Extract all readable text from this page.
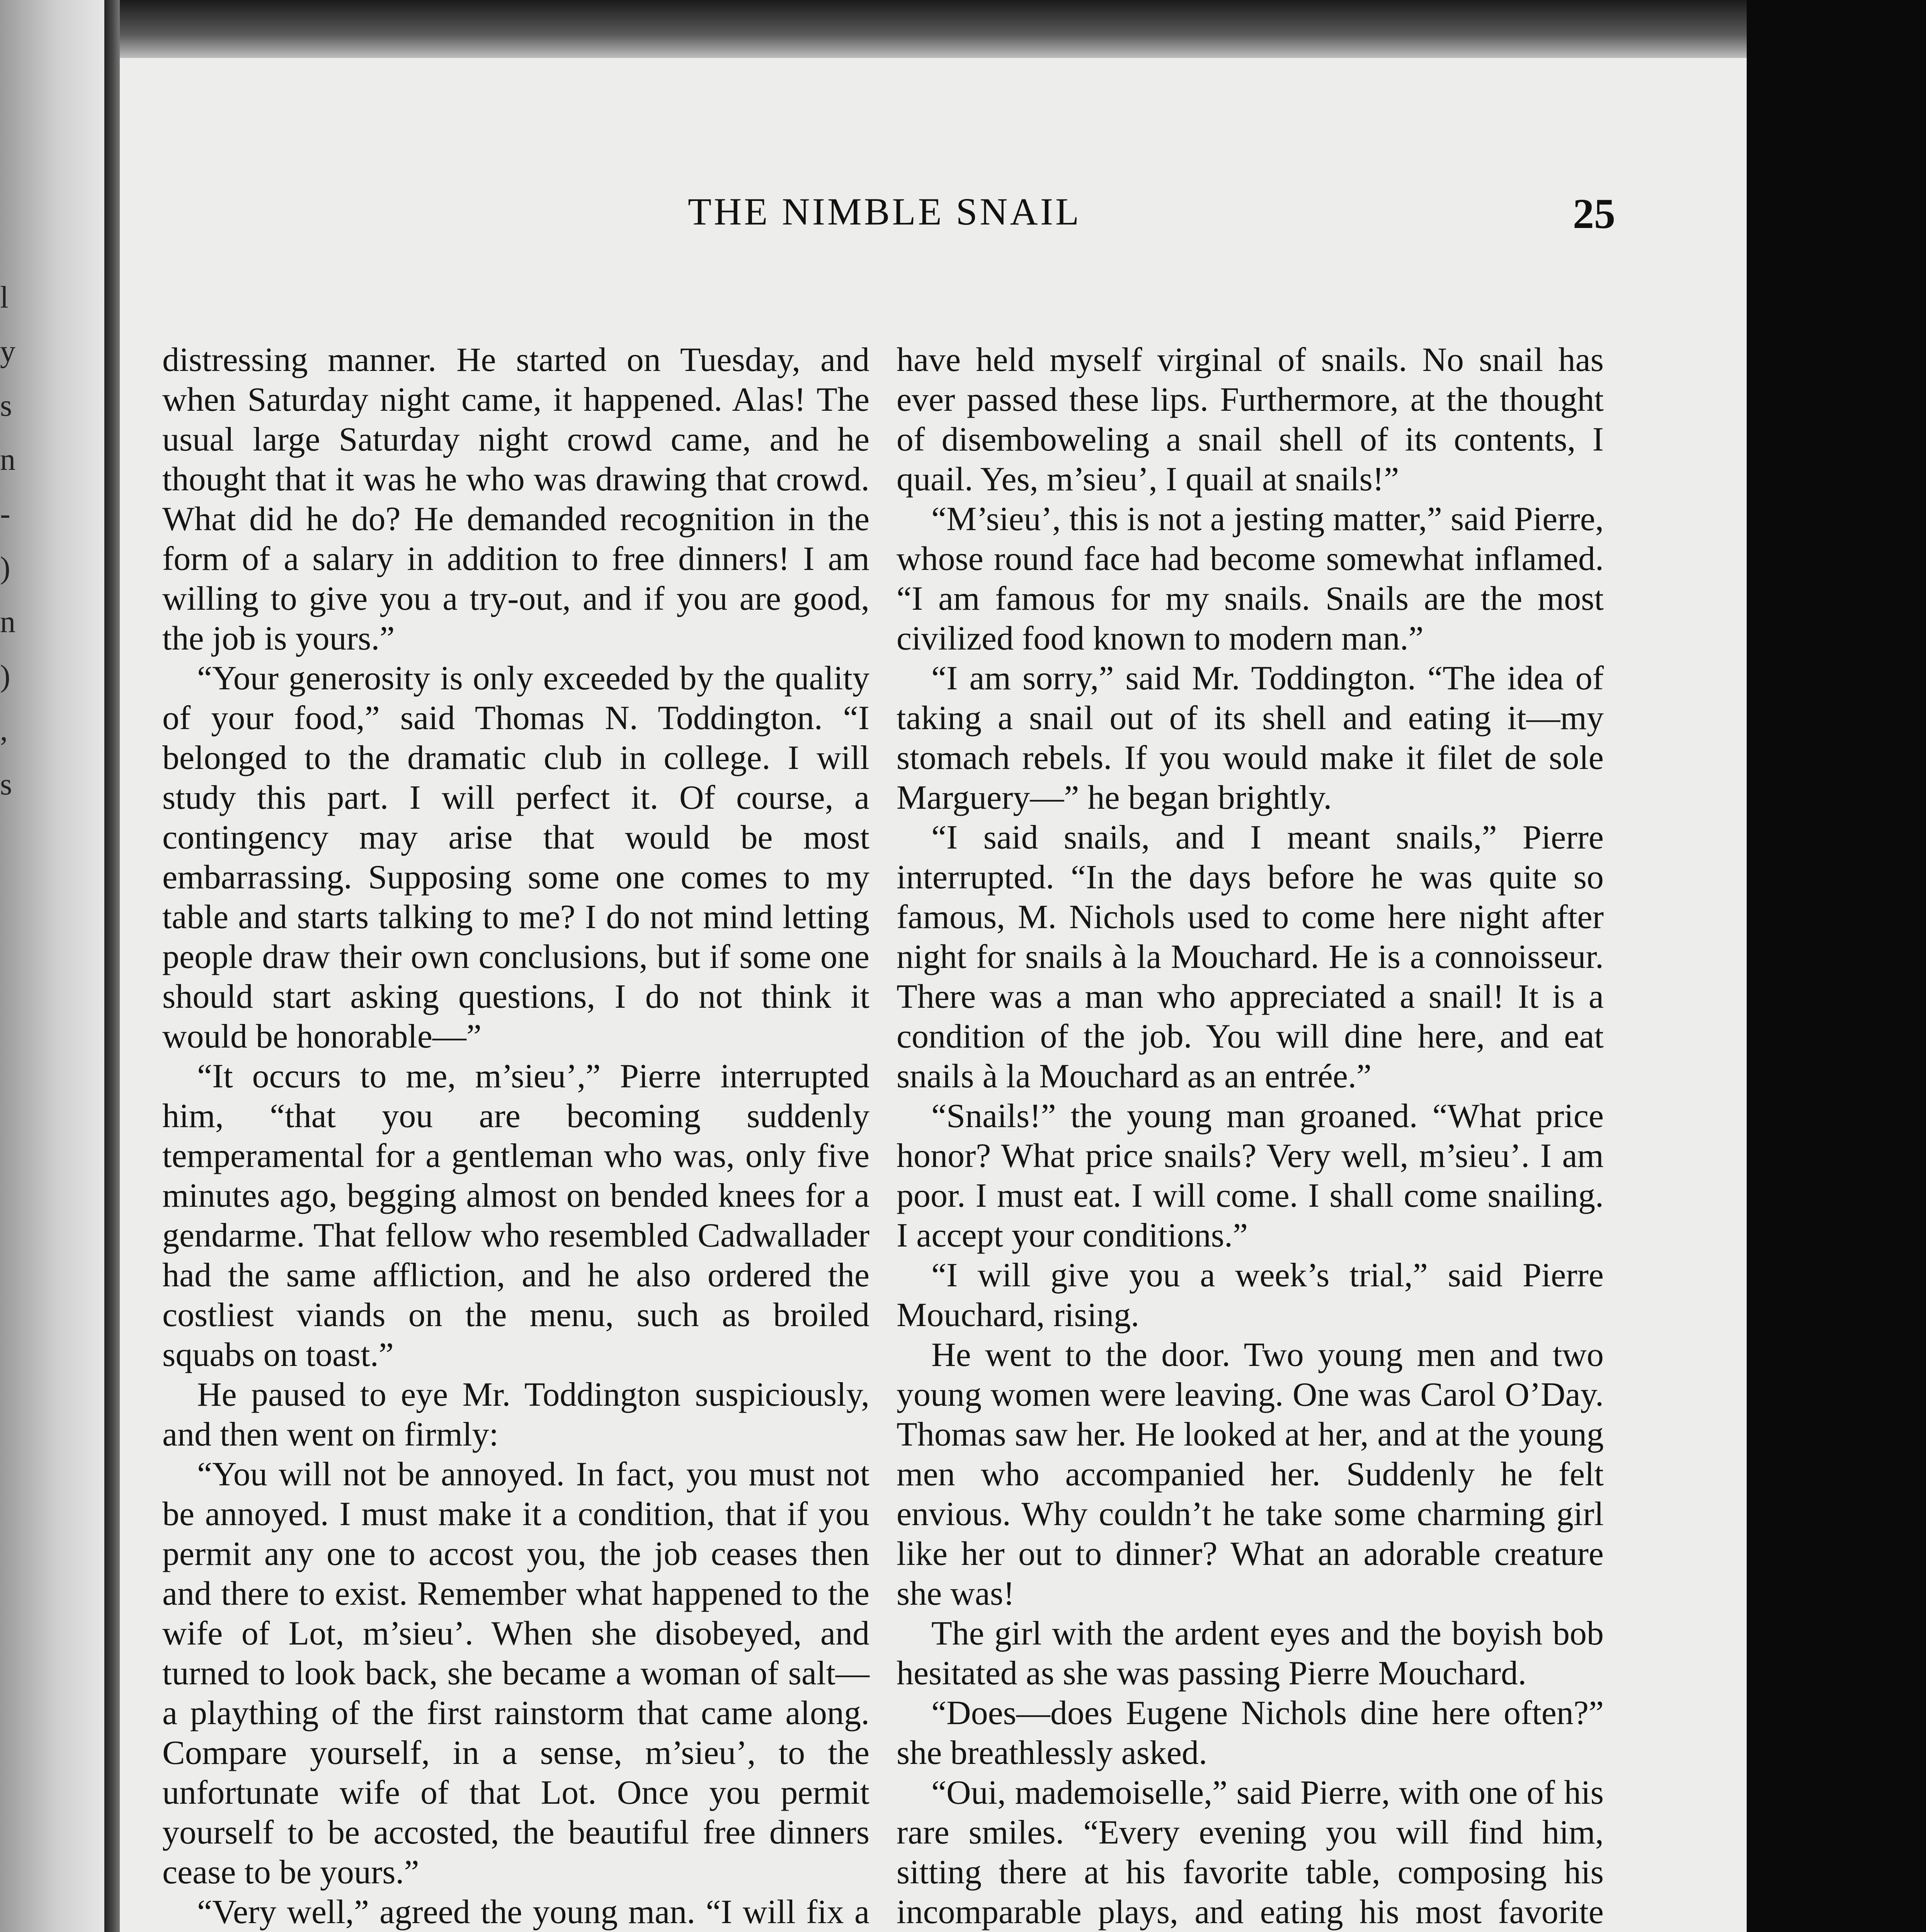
l
y
s
n
-
)
n
)
,
s
THE NIMBLE SNAIL	25

distressing manner. He started on Tuesday, and when Saturday night came, it happened. Alas! The usual large Saturday night crowd came, and he thought that it was he who was drawing that crowd. What did he do? He demanded recognition in the form of a salary in addition to free dinners! I am willing to give you a try-out, and if you are good, the job is yours.”

“Your generosity is only exceeded by the quality of your food,” said Thomas N. Toddington. “I belonged to the dramatic club in college. I will study this part. I will perfect it. Of course, a contingency may arise that would be most embarrassing. Supposing some one comes to my table and starts talking to me? I do not mind letting people draw their own conclusions, but if some one should start asking questions, I do not think it would be honorable—”

“It occurs to me, m’sieu’,” Pierre interrupted him, “that you are becoming suddenly temperamental for a gentleman who was, only five minutes ago, begging almost on bended knees for a gendarme. That fellow who resembled Cadwallader had the same affliction, and he also ordered the costliest viands on the menu, such as broiled squabs on toast.”

He paused to eye Mr. Toddington suspiciously, and then went on firmly:

“You will not be annoyed. In fact, you must not be annoyed. I must make it a condition, that if you permit any one to accost you, the job ceases then and there to exist. Remember what happened to the wife of Lot, m’sieu’. When she disobeyed, and turned to look back, she became a woman of salt—a plaything of the first rainstorm that came along. Compare yourself, in a sense, m’sieu’, to the unfortunate wife of that Lot. Once you permit yourself to be accosted, the beautiful free dinners cease to be yours.”

“Very well,” agreed the young man. “I will fix a

have held myself virginal of snails. No snail has ever passed these lips. Furthermore, at the thought of disemboweling a snail shell of its contents, I quail. Yes, m’sieu’, I quail at snails!”

“M’sieu’, this is not a jesting matter,” said Pierre, whose round face had become somewhat inflamed. “I am famous for my snails. Snails are the most civilized food known to modern man.”

“I am sorry,” said Mr. Toddington. “The idea of taking a snail out of its shell and eating it—my stomach rebels. If you would make it filet de sole Marguery—” he began brightly.

“I said snails, and I meant snails,” Pierre interrupted. “In the days before he was quite so famous, M. Nichols used to come here night after night for snails à la Mouchard. He is a connoisseur. There was a man who appreciated a snail! It is a condition of the job. You will dine here, and eat snails à la Mouchard as an entrée.”

“Snails!” the young man groaned. “What price honor? What price snails? Very well, m’sieu’. I am poor. I must eat. I will come. I shall come snailing. I accept your conditions.”

“I will give you a week’s trial,” said Pierre Mouchard, rising.

He went to the door. Two young men and two young women were leaving. One was Carol O’Day. Thomas saw her. He looked at her, and at the young men who accompanied her. Suddenly he felt envious. Why couldn’t he take some charming girl like her out to dinner? What an adorable creature she was!

The girl with the ardent eyes and the boyish bob hesitated as she was passing Pierre Mouchard.

“Does—does Eugene Nichols dine here often?” she breathlessly asked.

“Oui, mademoiselle,” said Pierre, with one of his rare smiles. “Every evening you will find him, sitting there at his favorite table, composing his incomparable plays, and eating his most favorite
